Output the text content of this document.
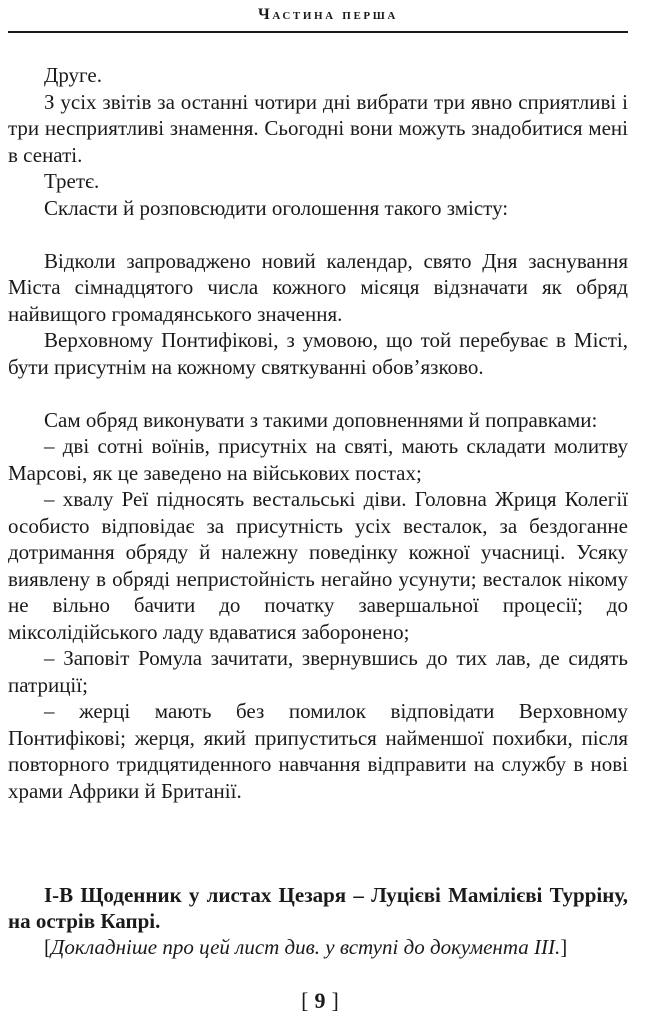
Частина перша

Друге.

З усіх звітів за останні чотири дні вибрати три явно сприятливі і три несприятливі знамення. Сьогодні вони можуть знадобитися мені в сенаті.

Третє.

Скласти й розповсюдити оголошення такого змісту:

Відколи запроваджено новий календар, свято Дня заснування Міста сімнадцятого числа кожного місяця відзначати як обряд найвищого громадянського значення.

Верховному Понтифікові, з умовою, що той перебуває в Місті, бути присутнім на кожному святкуванні обов’язково.

Сам обряд виконувати з такими доповненнями й поправками:

– дві сотні воїнів, присутніх на святі, мають складати молитву Марсові, як це заведено на військових постах;

– хвалу Реї підносять вестальські діви. Головна Жриця Колегії особисто відповідає за присутність усіх весталок, за бездоганне дотримання обряду й належну поведінку кожної учасниці. Усяку виявлену в обряді непристойність негайно усунути; весталок нікому не вільно бачити до початку завершальної процесії; до міксолідійського ладу вдаватися заборонено;

– Заповіт Ромула зачитати, звернувшись до тих лав, де сидять патриції;

– жерці мають без помилок відповідати Верховному Понтифікові; жерця, який припуститься найменшої похибки, після повторного тридцятиденного навчання відправити на службу в нові храми Африки й Британії.

І-В Щоденник у листах Цезаря – Луцієві Мамілієві Турріну, на острів Капрі.

[Докладніше про цей лист див. у вступі до документа ІІІ.]

[ 9 ]
